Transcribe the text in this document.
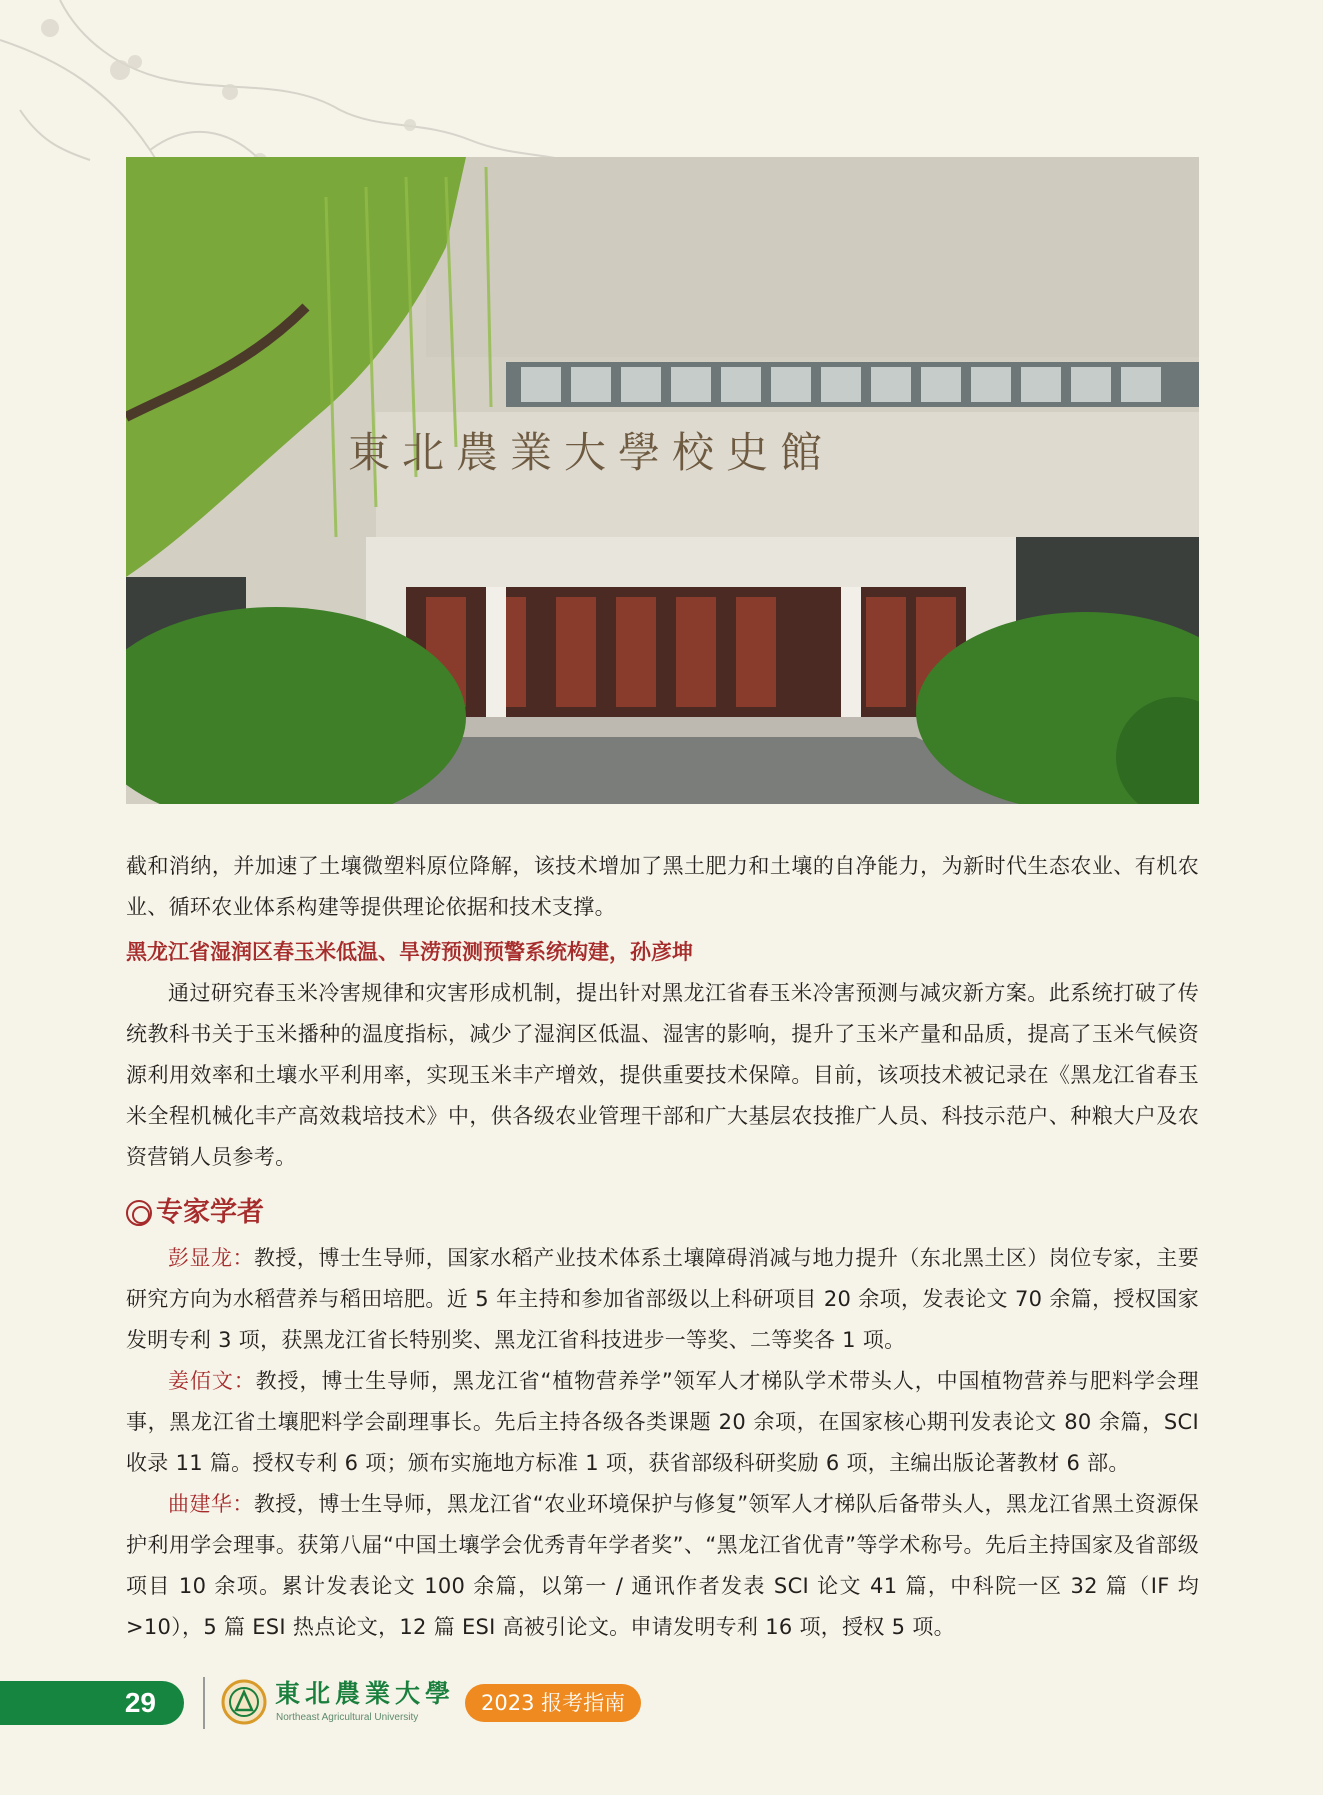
東北農業大學校史館

截和消纳，并加速了土壤微塑料原位降解，该技术增加了黑土肥力和土壤的自净能力，为新时代生态农业、有机农业、循环农业体系构建等提供理论依据和技术支撑。

黑龙江省湿润区春玉米低温、旱涝预测预警系统构建，孙彦坤

通过研究春玉米冷害规律和灾害形成机制，提出针对黑龙江省春玉米冷害预测与减灾新方案。此系统打破了传统教科书关于玉米播种的温度指标，减少了湿润区低温、湿害的影响，提升了玉米产量和品质，提高了玉米气候资源利用效率和土壤水平利用率，实现玉米丰产增效，提供重要技术保障。目前，该项技术被记录在《黑龙江省春玉米全程机械化丰产高效栽培技术》中，供各级农业管理干部和广大基层农技推广人员、科技示范户、种粮大户及农资营销人员参考。

专家学者

彭显龙：教授，博士生导师，国家水稻产业技术体系土壤障碍消减与地力提升（东北黑土区）岗位专家，主要研究方向为水稻营养与稻田培肥。近 5 年主持和参加省部级以上科研项目 20 余项，发表论文 70 余篇，授权国家发明专利 3 项，获黑龙江省长特别奖、黑龙江省科技进步一等奖、二等奖各 1 项。

姜佰文：教授，博士生导师，黑龙江省“植物营养学”领军人才梯队学术带头人，中国植物营养与肥料学会理事，黑龙江省土壤肥料学会副理事长。先后主持各级各类课题 20 余项，在国家核心期刊发表论文 80 余篇，SCI 收录 11 篇。授权专利 6 项；颁布实施地方标准 1 项，获省部级科研奖励 6 项，主编出版论著教材 6 部。

曲建华：教授，博士生导师，黑龙江省“农业环境保护与修复”领军人才梯队后备带头人，黑龙江省黑土资源保护利用学会理事。获第八届“中国土壤学会优秀青年学者奖”、“黑龙江省优青”等学术称号。先后主持国家及省部级项目 10 余项。累计发表论文 100 余篇，以第一 / 通讯作者发表 SCI 论文 41 篇，中科院一区 32 篇（IF 均 >10），5 篇 ESI 热点论文，12 篇 ESI 高被引论文。申请发明专利 16 项，授权 5 项。

29	東北農業大學
Northeast Agricultural University
2023 报考指南
